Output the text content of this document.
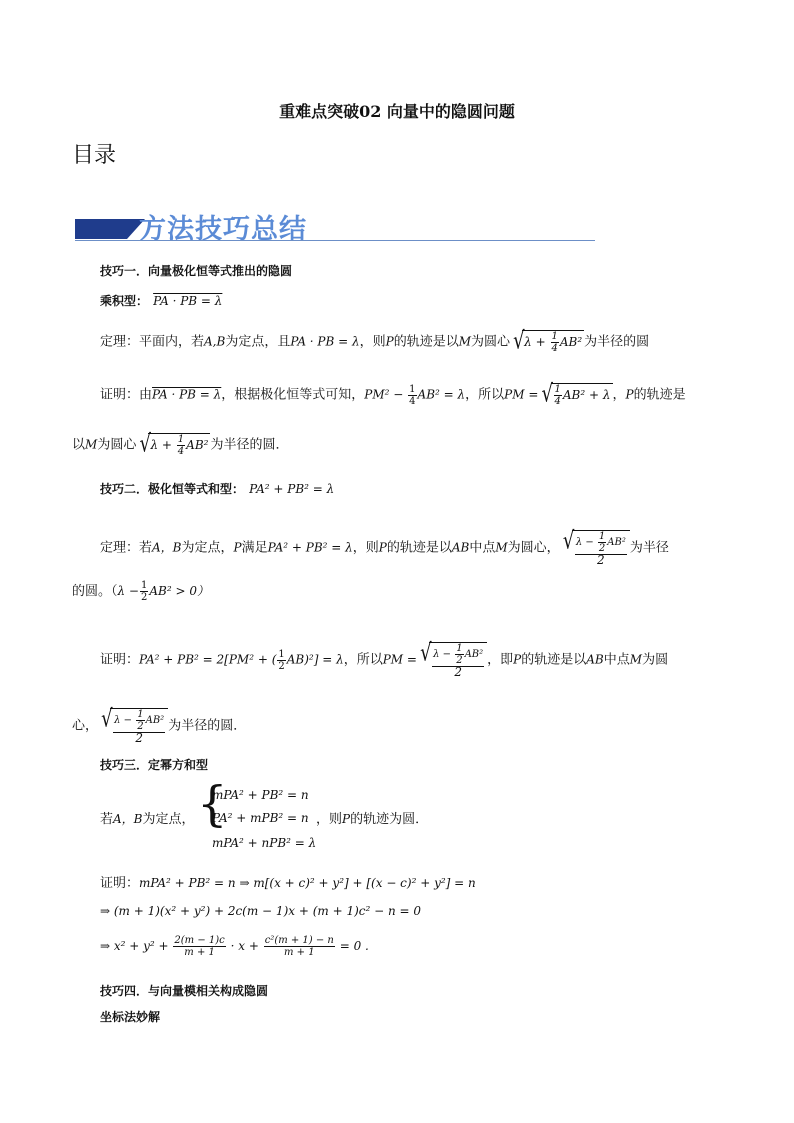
重难点突破02 向量中的隐圆问题
目录
方法技巧总结
技巧一．向量极化恒等式推出的隐圆
乘积型： PA · PB = λ
定理：平面内，若A,B为定点，且PA · PB = λ，则P的轨迹是以M为圆心 √ $\lambda + \frac{1}{4} AB^2$ 为半径的圆
证明：由PA · PB = λ，根据极化恒等式可知，$PM^2 - \frac{1}{4} AB^2 = \lambda$，所以PM = √ $\frac{1}{4} AB^2 + \lambda$ ，P的轨迹是
以M为圆心 √ $\lambda + \frac{1}{4} AB^2$ 为半径的圆．
技巧二．极化恒等式和型： PA² + PB² = λ
定理：若A，B为定点，P满足PA² + PB² = λ，则P的轨迹是以AB中点M为圆心， √ $\frac{\lambda - \frac{1}{2} AB^2}{2}$ 为半径
的圆。$(\lambda - \frac{1}{2} AB^2 > 0)$
证明：PA² + PB² = 2[PM² + ( $\frac{1}{2} AB)^2] = \lambda$，所以PM = √ $\frac{\lambda - \frac{1}{2} AB^2}{2}$ ，即P的轨迹是以AB中点M为圆
心， √ $\frac{\lambda - \frac{1}{2} AB^2}{2}$ 为半径的圆．
技巧三．定幂方和型
若A，B为定点， {
mPA² + PB² = n
PA² + mPB² = n
mPA² + nPB² = λ
，则P的轨迹为圆．
证明：mPA² + PB² = n ⇒ m[(x + c)² + y²] + [(x − c)² + y²] = n
⇒ (m + 1)(x² + y²) + 2c(m − 1)x + (m + 1)c² − n = 0
⇒ $x^2 + y^2 + \frac{2(m - 1)c}{m + 1} \cdot x + \frac{\text{c²(m + 1) − n}}{m + 1} = 0$ .
技巧四．与向量模相关构成隐圆
坐标法妙解
